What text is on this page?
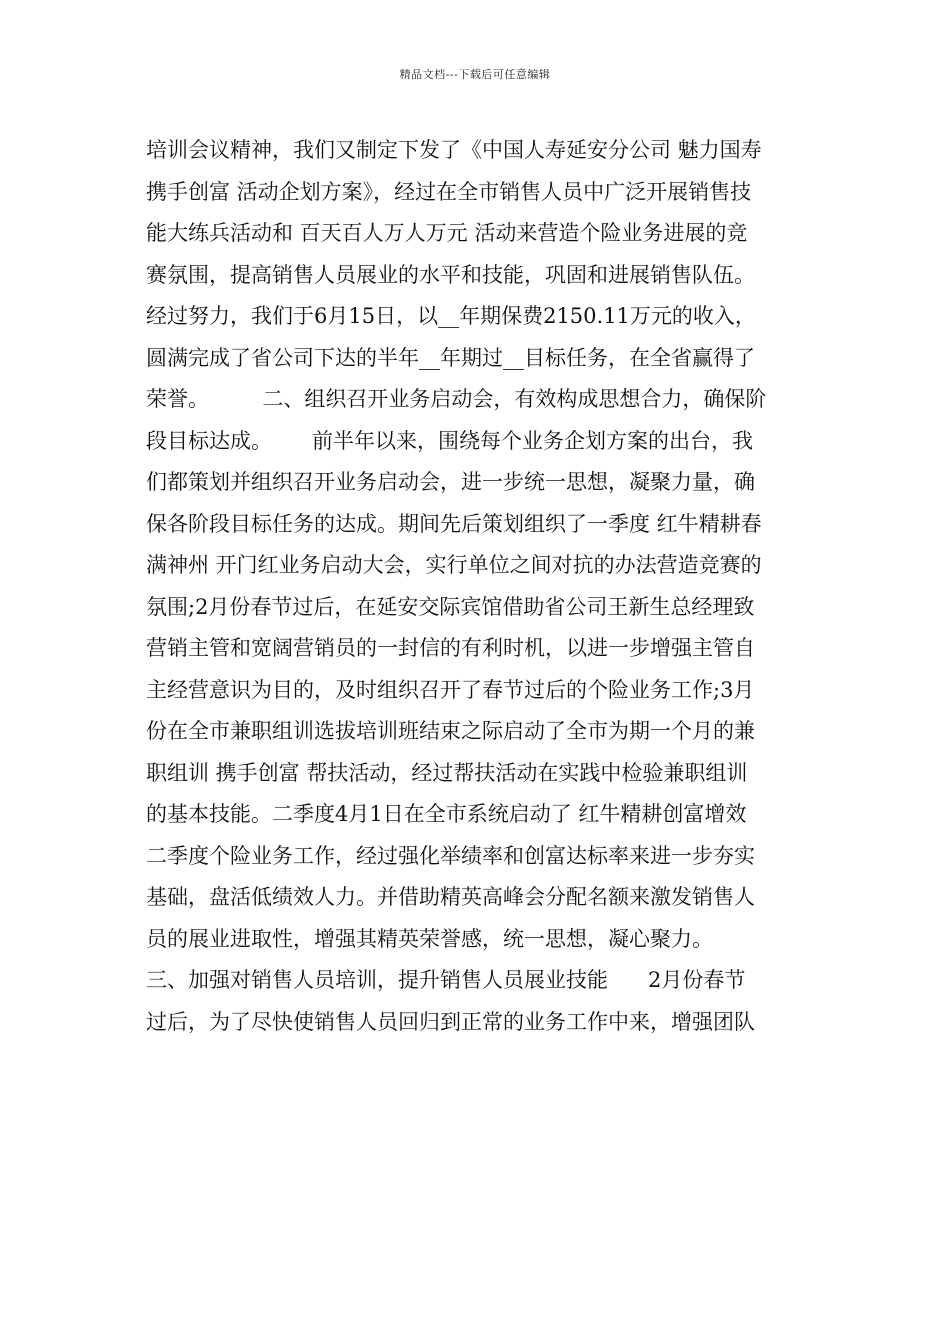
精品文档---下载后可任意编辑
培训会议精神，我们又制定下发了《中国人寿延安分公司 魅力国寿
携手创富 活动企划方案》，经过在全市销售人员中广泛开展销售技
能大练兵活动和 百天百人万人万元 活动来营造个险业务进展的竞
赛氛围，提高销售人员展业的水平和技能，巩固和进展销售队伍。
经过努力，我们于6月15日，以__年期保费2150.11万元的收入，
圆满完成了省公司下达的半年__年期过__目标任务，在全省赢得了
荣誉。        二、组织召开业务启动会，有效构成思想合力，确保阶
段目标达成。      前半年以来，围绕每个业务企划方案的出台，我
们都策划并组织召开业务启动会，进一步统一思想，凝聚力量，确
保各阶段目标任务的达成。期间先后策划组织了一季度 红牛精耕春
满神州 开门红业务启动大会，实行单位之间对抗的办法营造竞赛的
氛围;2月份春节过后，在延安交际宾馆借助省公司王新生总经理致
营销主管和宽阔营销员的一封信的有利时机，以进一步增强主管自
主经营意识为目的，及时组织召开了春节过后的个险业务工作;3月
份在全市兼职组训选拔培训班结束之际启动了全市为期一个月的兼
职组训 携手创富 帮扶活动，经过帮扶活动在实践中检验兼职组训
的基本技能。二季度4月1日在全市系统启动了 红牛精耕创富增效
二季度个险业务工作，经过强化举绩率和创富达标率来进一步夯实
基础，盘活低绩效人力。并借助精英高峰会分配名额来激发销售人
员的展业进取性，增强其精英荣誉感，统一思想，凝心聚力。
三、加强对销售人员培训，提升销售人员展业技能      2月份春节
过后，为了尽快使销售人员回归到正常的业务工作中来，增强团队
